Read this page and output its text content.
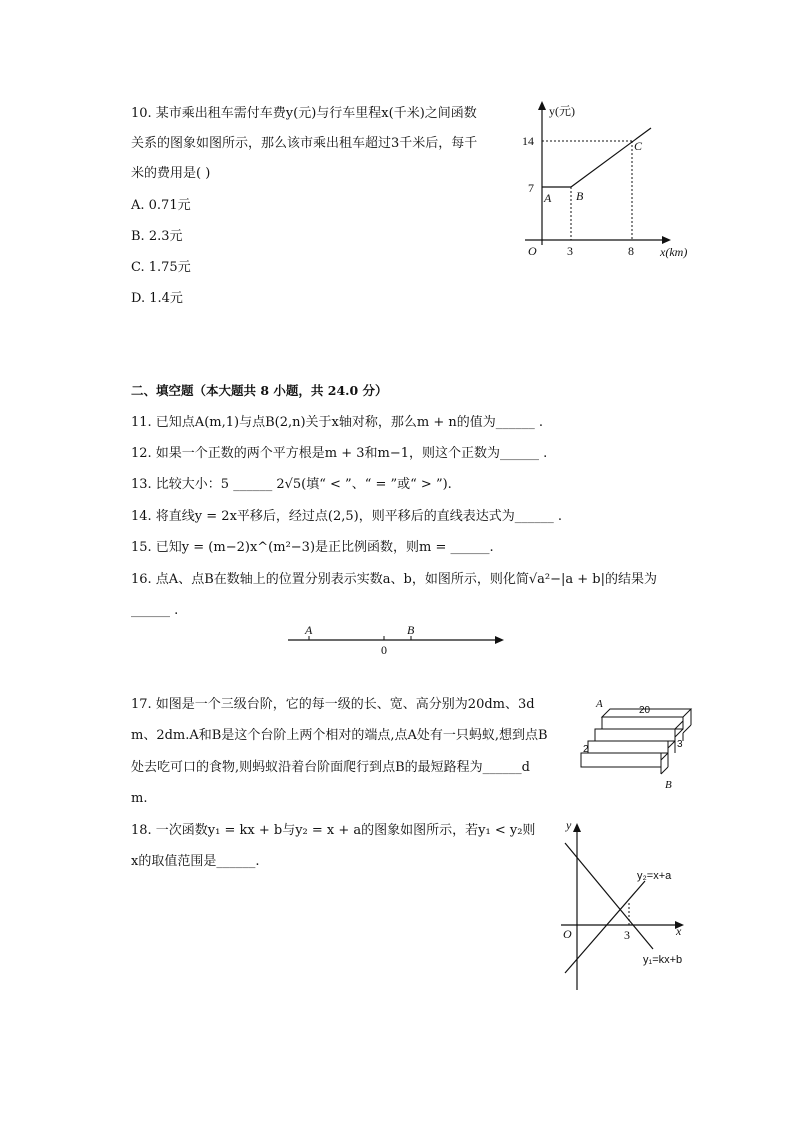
10. 某市乘出租车需付车费y(元)与行车里程x(千米)之间函数
关系的图象如图所示，那么该市乘出租车超过3千米后，每千
米的费用是( )
A. 0.71元
B. 2.3元
C. 1.75元
D. 1.4元
y(元)
14
7
A B
C
O	3	8 x(km)
二、填空题（本大题共 8 小题，共 24.0 分）
11. 已知点A(m,1)与点B(2,n)关于x轴对称，那么m + n的值为______ .
12. 如果一个正数的两个平方根是m + 3和m−1，则这个正数为______ .
13. 比较大小：5 ______ 2√5(填“ < ”、“ = ”或“ > ”).
14. 将直线y = 2x平移后，经过点(2,5)，则平移后的直线表达式为______ .
15. 已知y = (m−2)x^(m²−3)是正比例函数，则m = ______.
16. 点A、点B在数轴上的位置分别表示实数a、b，如图所示，则化简√a²−|a + b|的结果为
______ .
A	B
0
17. 如图是一个三级台阶，它的每一级的长、宽、高分别为20dm、3d
m、2dm.A和B是这个台阶上两个相对的端点,点A处有一只蚂蚁,想到点B
处去吃可口的食物,则蚂蚁沿着台阶面爬行到点B的最短路程为______d
m.
A
20
3
2
B
18. 一次函数y₁ = kx + b与y₂ = x + a的图象如图所示，若y₁ < y₂则
x的取值范围是______.
y
x
O	3
y₂=x+a
y₁=kx+b
